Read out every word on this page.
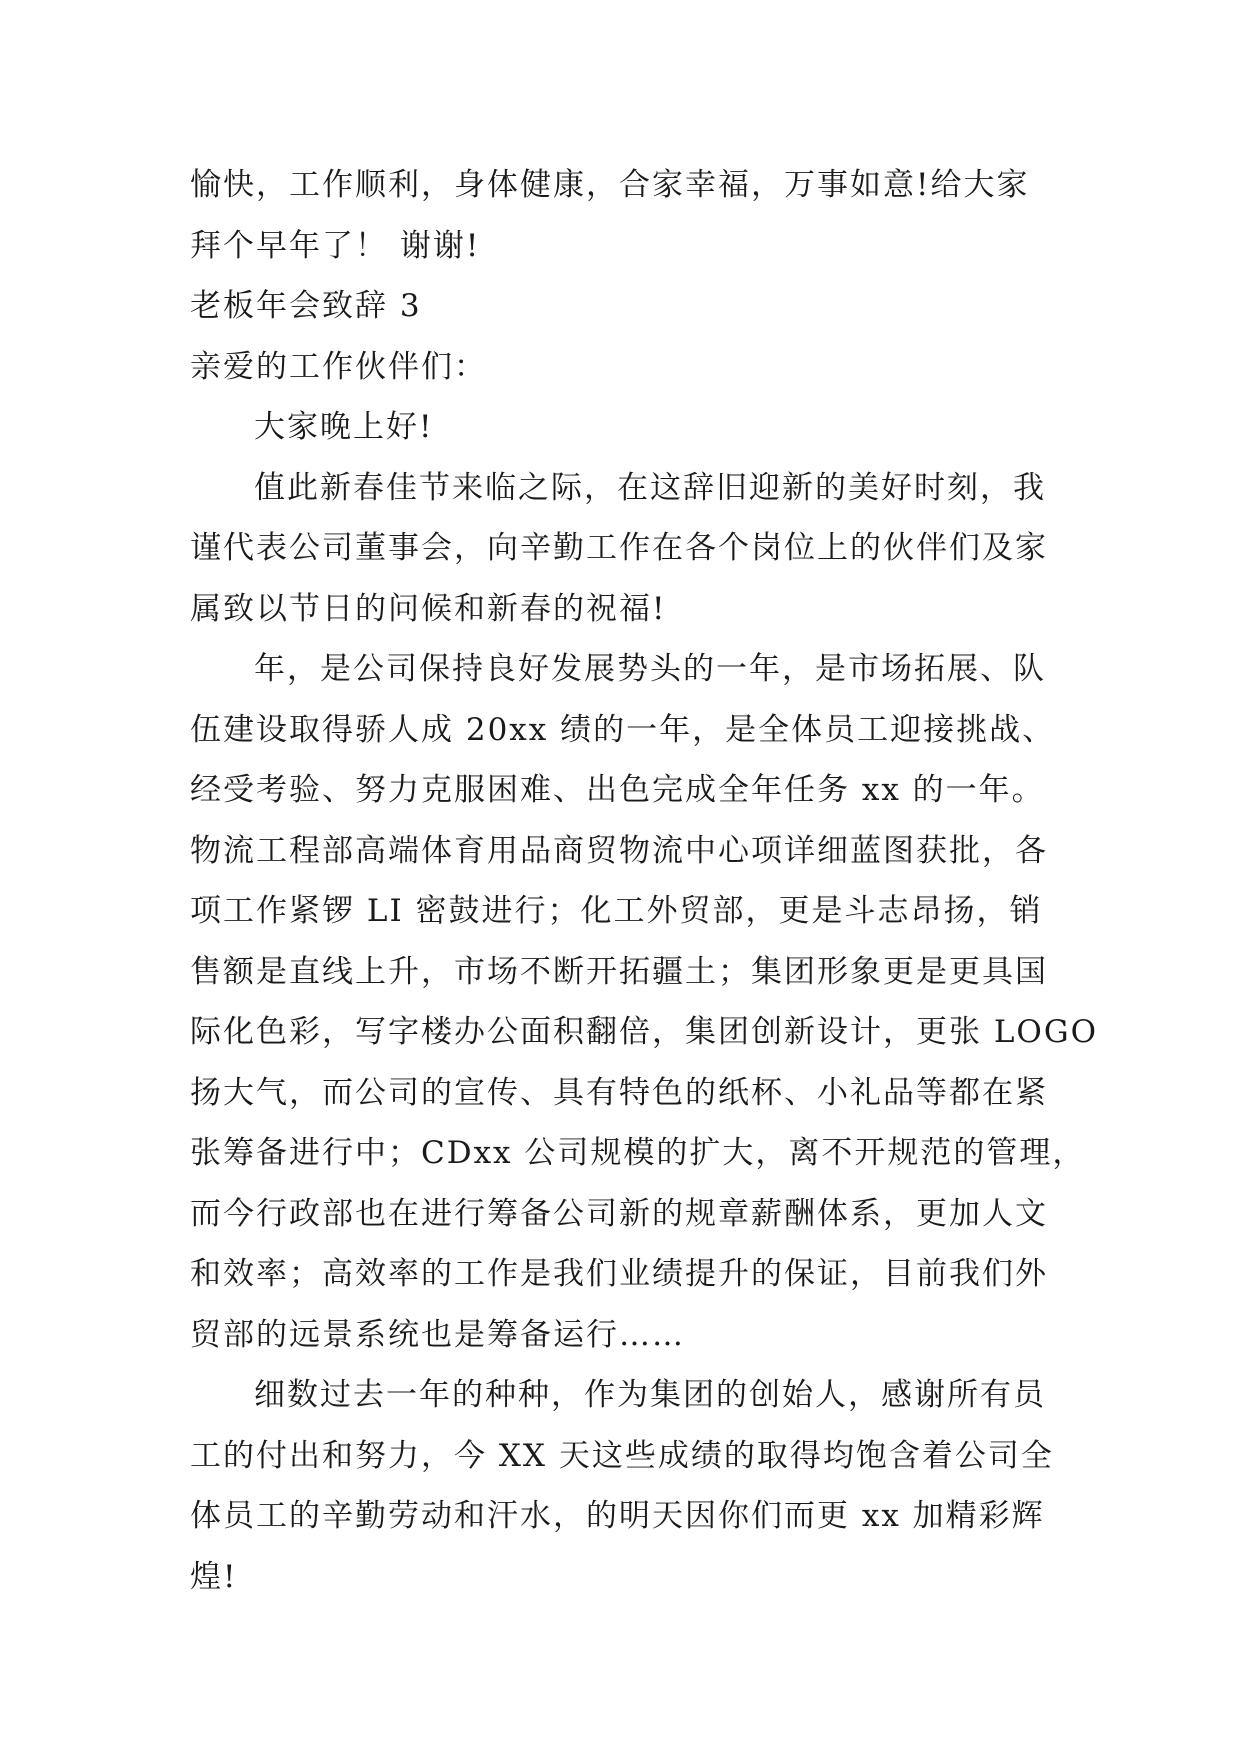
愉快，工作顺利，身体健康，合家幸福，万事如意!给大家

拜个早年了！ 谢谢!

老板年会致辞 3

亲爱的工作伙伴们：

大家晚上好!

值此新春佳节来临之际，在这辞旧迎新的美好时刻，我

谨代表公司董事会，向辛勤工作在各个岗位上的伙伴们及家

属致以节日的问候和新春的祝福!

年，是公司保持良好发展势头的一年，是市场拓展、队

伍建设取得骄人成 20xx 绩的一年，是全体员工迎接挑战、

经受考验、努力克服困难、出色完成全年任务 xx 的一年。

物流工程部高端体育用品商贸物流中心项详细蓝图获批，各

项工作紧锣 LI 密鼓进行；化工外贸部，更是斗志昂扬，销

售额是直线上升，市场不断开拓疆土；集团形象更是更具国

际化色彩，写字楼办公面积翻倍，集团创新设计，更张 LOGO

扬大气，而公司的宣传、具有特色的纸杯、小礼品等都在紧

张筹备进行中；CDxx 公司规模的扩大，离不开规范的管理，

而今行政部也在进行筹备公司新的规章薪酬体系，更加人文

和效率；高效率的工作是我们业绩提升的保证，目前我们外

贸部的远景系统也是筹备运行……

细数过去一年的种种，作为集团的创始人，感谢所有员

工的付出和努力，今 XX 天这些成绩的取得均饱含着公司全

体员工的辛勤劳动和汗水，的明天因你们而更 xx 加精彩辉

煌!
